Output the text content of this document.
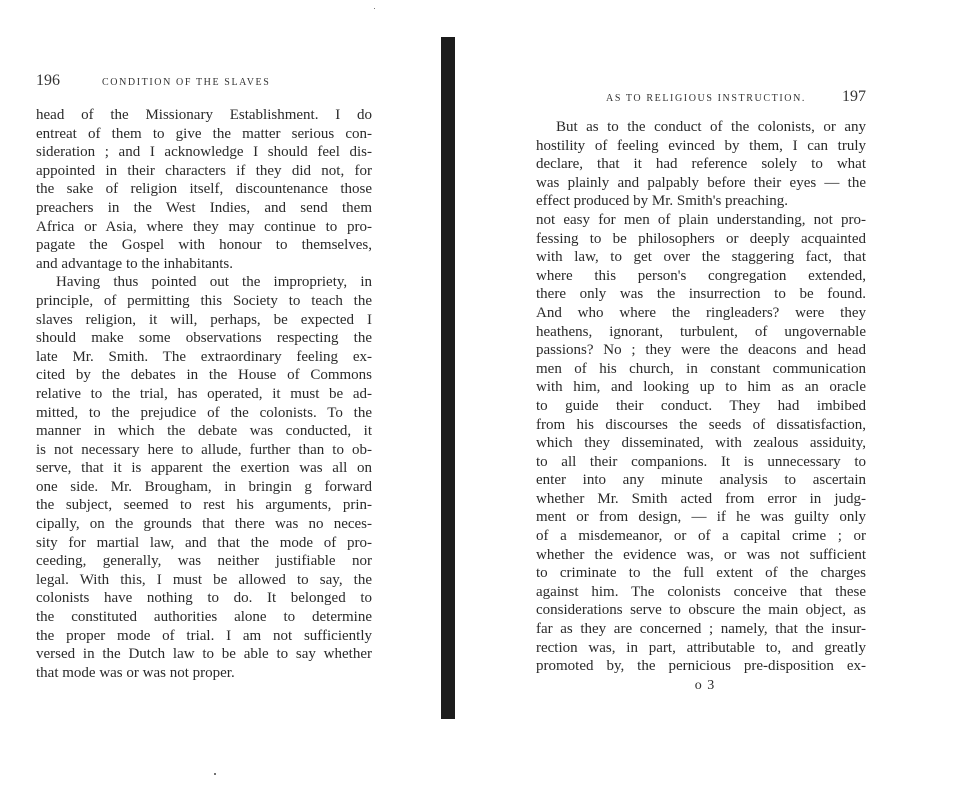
196	CONDITION OF THE SLAVES
head of the Missionary Establishment. I do
entreat of them to give the matter serious con-
sideration ; and I acknowledge I should feel dis-
appointed in their characters if they did not, for
the sake of religion itself, discountenance those
preachers in the West Indies, and send them
Africa or Asia, where they may continue to pro-
pagate the Gospel with honour to themselves,
and advantage to the inhabitants.
Having thus pointed out the impropriety, in
principle, of permitting this Society to teach the
slaves religion, it will, perhaps, be expected I
should make some observations respecting the
late Mr. Smith. The extraordinary feeling ex-
cited by the debates in the House of Commons
relative to the trial, has operated, it must be ad-
mitted, to the prejudice of the colonists. To the
manner in which the debate was conducted, it
is not necessary here to allude, further than to ob-
serve, that it is apparent the exertion was all on
one side. Mr. Brougham, in bringin g forward
the subject, seemed to rest his arguments, prin-
cipally, on the grounds that there was no neces-
sity for martial law, and that the mode of pro-
ceeding, generally, was neither justifiable nor
legal. With this, I must be allowed to say, the
colonists have nothing to do. It belonged to
the constituted authorities alone to determine
the proper mode of trial. I am not sufficiently
versed in the Dutch law to be able to say whether
that mode was or was not proper.
AS TO RELIGIOUS INSTRUCTION. 197
But as to the conduct of the colonists, or any
hostility of feeling evinced by them, I can truly
declare, that it had reference solely to what
was plainly and palpably before their eyes — the
effect produced by Mr. Smith's preaching.
not easy for men of plain understanding, not pro-
fessing to be philosophers or deeply acquainted
with law, to get over the staggering fact, that
where this person's congregation extended,
there only was the insurrection to be found.
And who where the ringleaders? were they
heathens, ignorant, turbulent, of ungovernable
passions? No ; they were the deacons and head
men of his church, in constant communication
with him, and looking up to him as an oracle
to guide their conduct. They had imbibed
from his discourses the seeds of dissatisfaction,
which they disseminated, with zealous assiduity,
to all their companions. It is unnecessary to
enter into any minute analysis to ascertain
whether Mr. Smith acted from error in judg-
ment or from design, — if he was guilty only
of a misdemeanor, or of a capital crime ; or
whether the evidence was, or was not sufficient
to criminate to the full extent of the charges
against him. The colonists conceive that these
considerations serve to obscure the main object, as
far as they are concerned ; namely, that the insur-
rection was, in part, attributable to, and greatly
promoted by, the pernicious pre-disposition ex-
o 3
